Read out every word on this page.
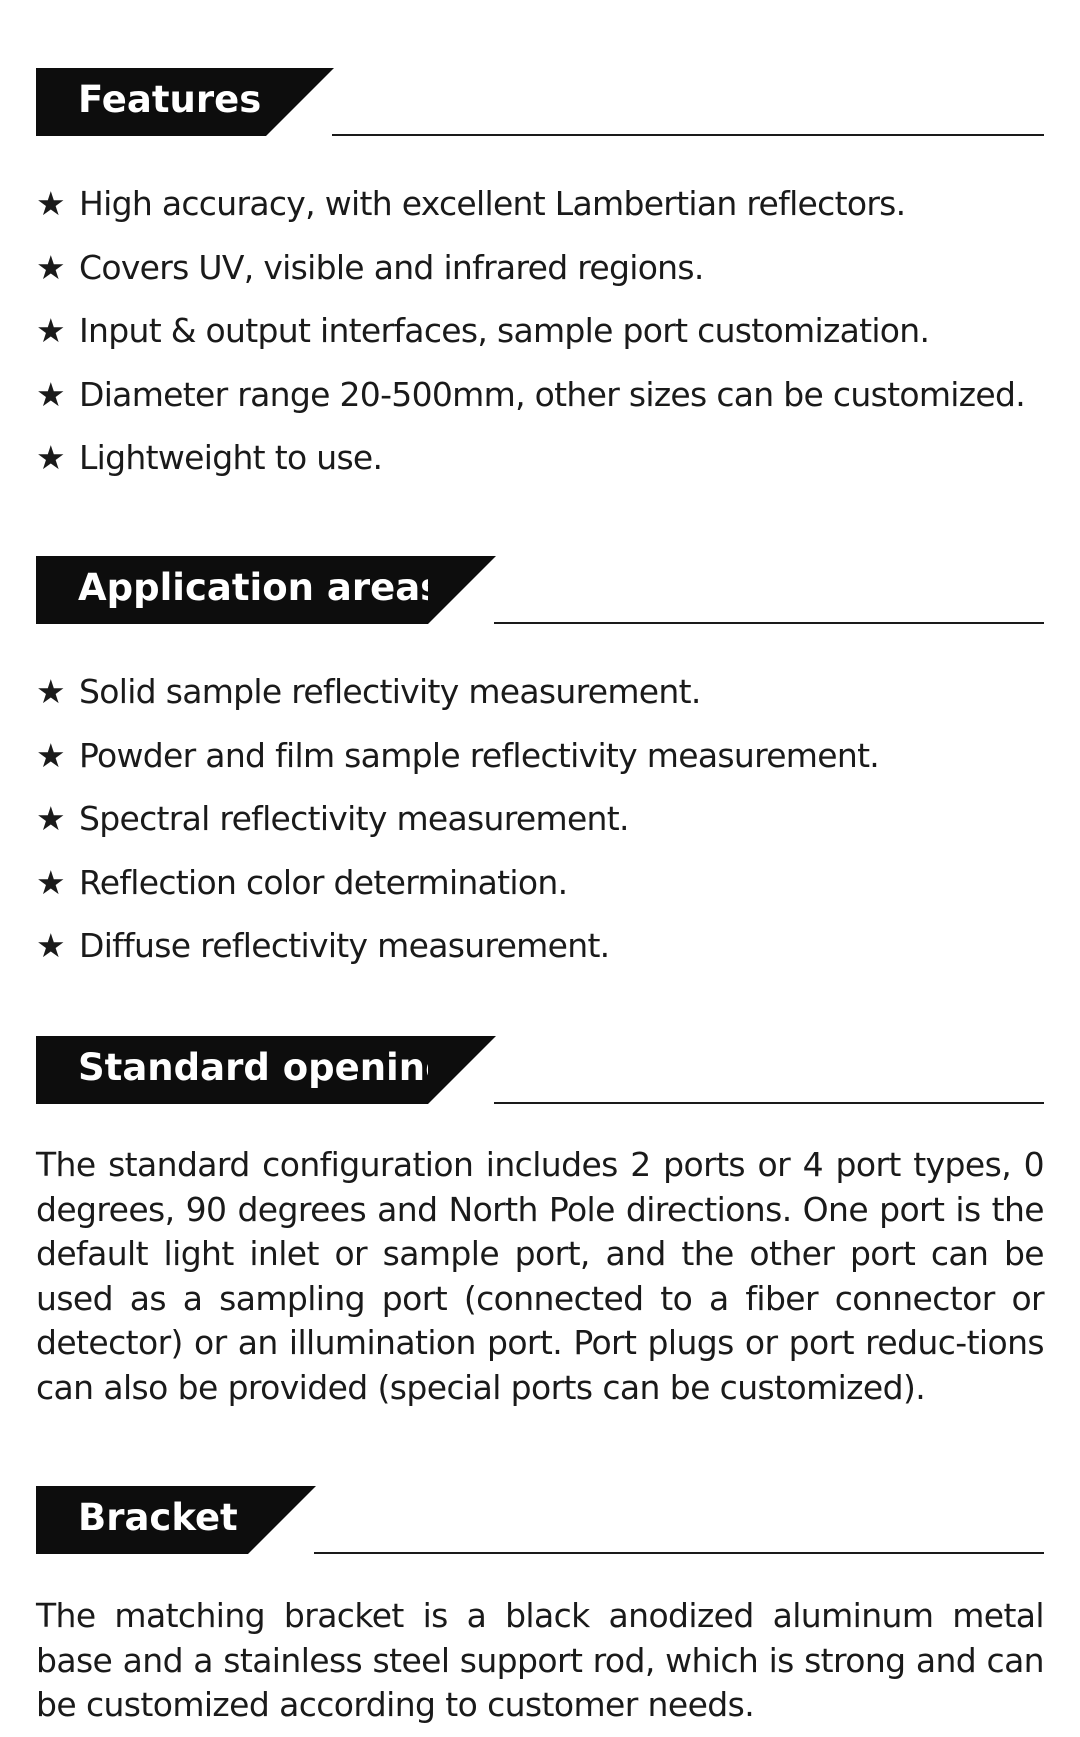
Features
★ High accuracy, with excellent Lambertian reflectors.
★ Covers UV, visible and infrared regions.
★ Input & output interfaces, sample port customization.
★ Diameter range 20-500mm, other sizes can be customized.
★ Lightweight to use.
Application areas
★ Solid sample reflectivity measurement.
★ Powder and film sample reflectivity measurement.
★ Spectral reflectivity measurement.
★ Reflection color determination.
★ Diffuse reflectivity measurement.
Standard opening

The standard configuration includes 2 ports or 4 port types, 0 degrees, 90 degrees and North Pole directions. One port is the default light inlet or sample port, and the other port can be used as a sampling port (connected to a fiber connector or detector) or an illumination port. Port plugs or port reduc-tions can also be provided (special ports can be customized).

Bracket

The matching bracket is a black anodized aluminum metal base and a stainless steel support rod, which is strong and can be customized according to customer needs.
